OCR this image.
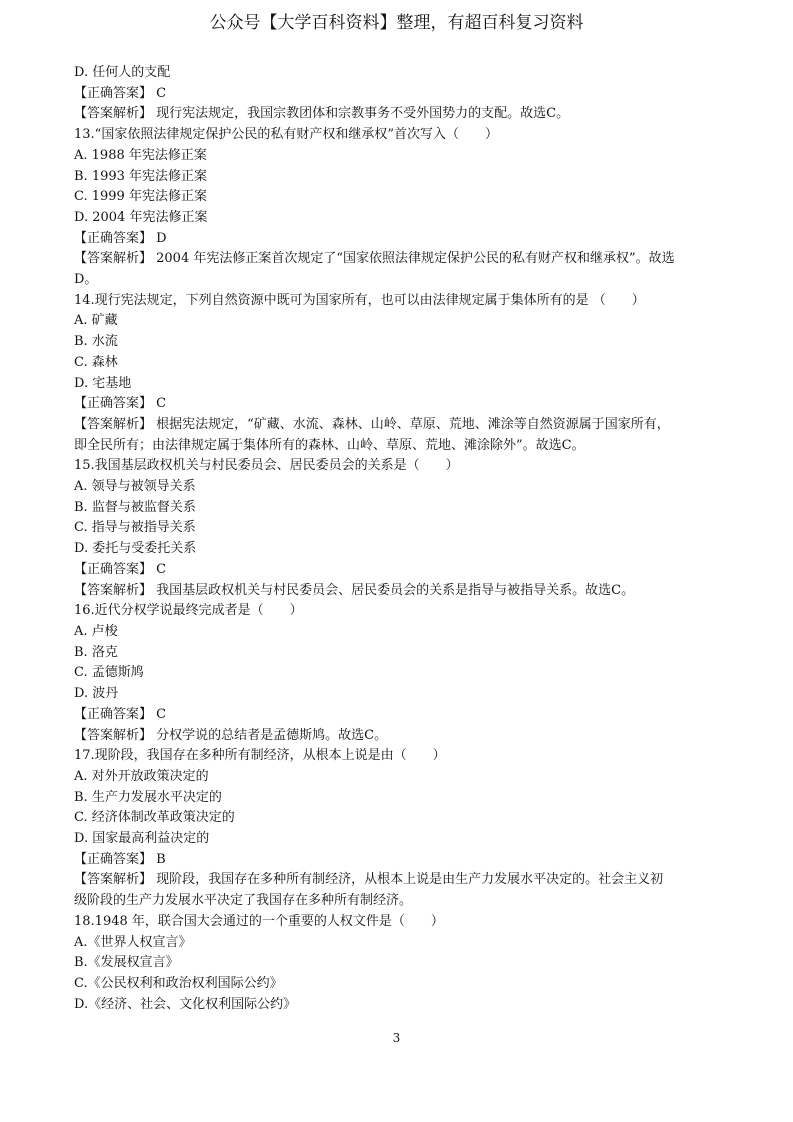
公众号【大学百科资料】整理，有超百科复习资料
D. 任何人的支配
【正确答案】 C
【答案解析】 现行宪法规定，我国宗教团体和宗教事务不受外国势力的支配。故选C。
13.“国家依照法律规定保护公民的私有财产权和继承权”首次写入（　　）
A. 1988 年宪法修正案
B. 1993 年宪法修正案
C. 1999 年宪法修正案
D. 2004 年宪法修正案
【正确答案】 D
【答案解析】 2004 年宪法修正案首次规定了“国家依照法律规定保护公民的私有财产权和继承权”。故选
D。
14.现行宪法规定，下列自然资源中既可为国家所有，也可以由法律规定属于集体所有的是 （　　）
A. 矿藏
B. 水流
C. 森林
D. 宅基地
【正确答案】 C
【答案解析】 根据宪法规定，“矿藏、水流、森林、山岭、草原、荒地、滩涂等自然资源属于国家所有，
即全民所有；由法律规定属于集体所有的森林、山岭、草原、荒地、滩涂除外”。故选C。
15.我国基层政权机关与村民委员会、居民委员会的关系是（　　）
A. 领导与被领导关系
B. 监督与被监督关系
C. 指导与被指导关系
D. 委托与受委托关系
【正确答案】 C
【答案解析】 我国基层政权机关与村民委员会、居民委员会的关系是指导与被指导关系。故选C。
16.近代分权学说最终完成者是（　　）
A. 卢梭
B. 洛克
C. 孟德斯鸠
D. 波丹
【正确答案】 C
【答案解析】 分权学说的总结者是孟德斯鸠。故选C。
17.现阶段，我国存在多种所有制经济，从根本上说是由（　　）
A. 对外开放政策决定的
B. 生产力发展水平决定的
C. 经济体制改革政策决定的
D. 国家最高利益决定的
【正确答案】 B
【答案解析】 现阶段，我国存在多种所有制经济，从根本上说是由生产力发展水平决定的。社会主义初
级阶段的生产力发展水平决定了我国存在多种所有制经济。
18.1948 年，联合国大会通过的一个重要的人权文件是（　　）
A.《世界人权宣言》
B.《发展权宣言》
C.《公民权利和政治权利国际公约》
D.《经济、社会、文化权利国际公约》
3
